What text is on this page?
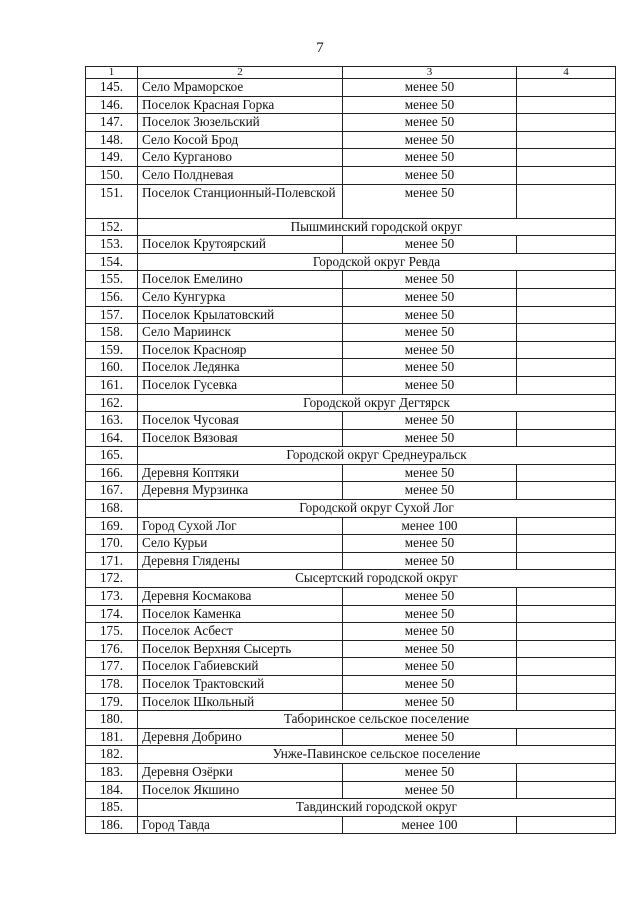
7
1	2	3	4
145.	Село Мраморское	менее 50	
146.	Поселок Красная Горка	менее 50	
147.	Поселок Зюзельский	менее 50	
148.	Село Косой Брод	менее 50	
149.	Село Курганово	менее 50	
150.	Село Полдневая	менее 50	
151.	Поселок Станционный-Полевской	менее 50	
152.	Пышминский городской округ		
153.	Поселок Крутоярский	менее 50	
154.	Городской округ Ревда		
155.	Поселок Емелино	менее 50	
156.	Село Кунгурка	менее 50	
157.	Поселок Крылатовский	менее 50	
158.	Село Мариинск	менее 50	
159.	Поселок Краснояр	менее 50	
160.	Поселок Ледянка	менее 50	
161.	Поселок Гусевка	менее 50	
162.	Городской округ Дегтярск		
163.	Поселок Чусовая	менее 50	
164.	Поселок Вязовая	менее 50	
165.	Городской округ Среднеуральск		
166.	Деревня Коптяки	менее 50	
167.	Деревня Мурзинка	менее 50	
168.	Городской округ Сухой Лог		
169.	Город Сухой Лог	менее 100	
170.	Село Курьи	менее 50	
171.	Деревня Глядены	менее 50	
172.	Сысертский городской округ		
173.	Деревня Космакова	менее 50	
174.	Поселок Каменка	менее 50	
175.	Поселок Асбест	менее 50	
176.	Поселок Верхняя Сысерть	менее 50	
177.	Поселок Габиевский	менее 50	
178.	Поселок Трактовский	менее 50	
179.	Поселок Школьный	менее 50	
180.	Таборинское сельское поселение		
181.	Деревня Добрино	менее 50	
182.	Унже-Павинское сельское поселение		
183.	Деревня Озёрки	менее 50	
184.	Поселок Якшино	менее 50	
185.	Тавдинский городской округ		
186.	Город Тавда	менее 100	
